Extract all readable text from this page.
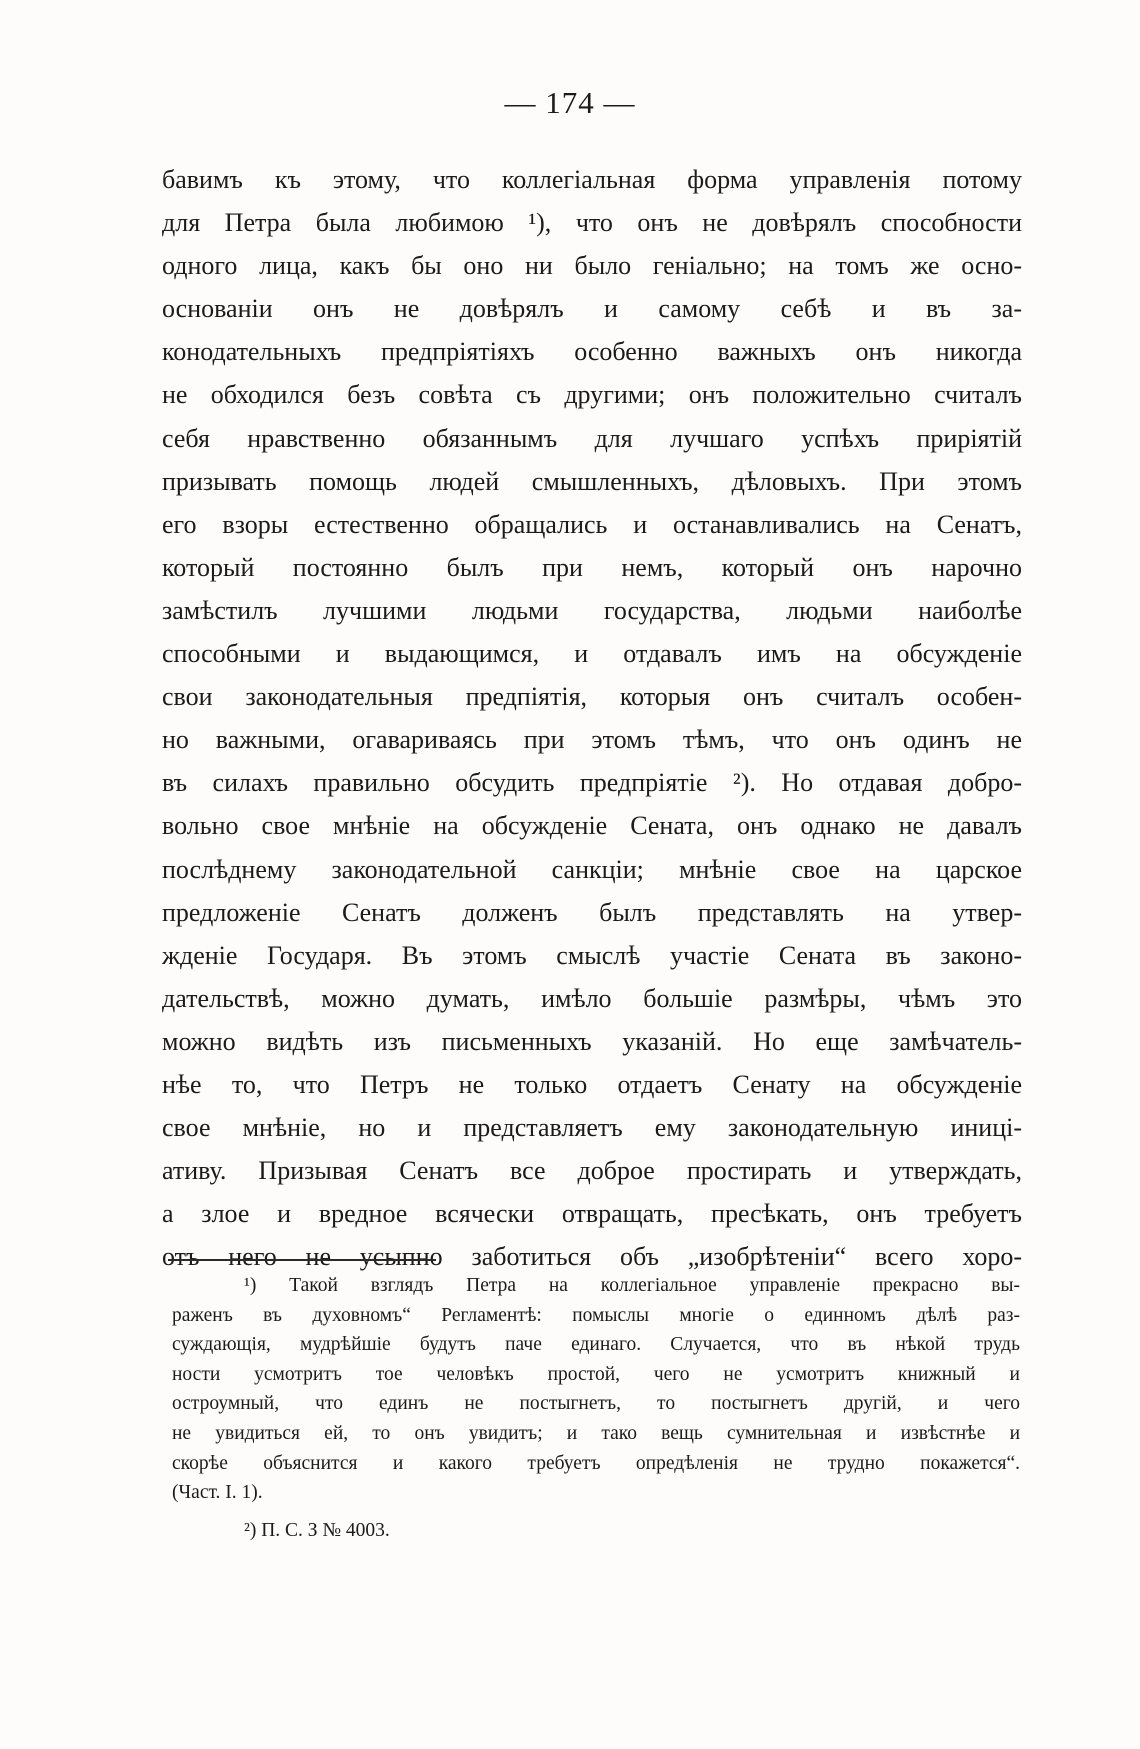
— 174 —
бавимъ къ этому, что коллегіальная форма управленія потому
для Петра была любимою ¹), что онъ не довѣрялъ способности
одного лица, какъ бы оно ни было геніально; на томъ же осно-
основаніи онъ не довѣрялъ и самому себѣ и въ за-
конодательныхъ предпріятіяхъ особенно важныхъ онъ никогда
не обходился безъ совѣта съ другими; онъ положительно считалъ
себя нравственно обязаннымъ для лучшаго успѣхъ приріятій
призывать помощь людей смышленныхъ, дѣловыхъ. При этомъ
его взоры естественно обращались и останавливались на Сенатъ,
который постоянно былъ при немъ, который онъ нарочно
замѣстилъ лучшими людьми государства, людьми наиболѣе
способными и выдающимся, и отдавалъ имъ на обсужденіе
свои законодательныя предпіятія, которыя онъ считалъ особен-
но важными, огавариваясь при этомъ тѣмъ, что онъ одинъ не
въ силахъ правильно обсудить предпріятіе ²). Но отдавая добро-
вольно свое мнѣніе на обсужденіе Сената, онъ однако не давалъ
послѣднему законодательной санкціи; мнѣніе свое на царское
предложеніе Сенатъ долженъ былъ представлять на утвер-
жденіе Государя. Въ этомъ смыслѣ участіе Сената въ законо-
дательствѣ, можно думать, имѣло большіе размѣры, чѣмъ это
можно видѣть изъ письменныхъ указаній. Но еще замѣчатель-
нѣе то, что Петръ не только отдаетъ Сенату на обсужденіе
свое мнѣніе, но и представляетъ ему законодательную иниці-
ативу. Призывая Сенатъ все доброе простирать и утверждать,
а злое и вредное всячески отвращать, пресѣкать, онъ требуетъ
отъ него не усыпно заботиться объ „изобрѣтеніи“ всего хоро-
¹) Такой взглядъ Петра на коллегіальное управленіе прекрасно вы-
раженъ въ духовномъ“ Регламентѣ: помыслы многіе о единномъ дѣлѣ раз-
суждающія, мудрѣйшіе будутъ паче единаго. Случается, что въ нѣкой трудь
ности усмотритъ тое человѣкъ простой, чего не усмотритъ книжный и
остроумный, что единъ не постыгнетъ, то постыгнетъ другій, и чего
не увидиться ей, то онъ увидитъ; и тако вещь сумнительная и извѣстнѣе и
скорѣе объяснится и какого требуетъ опредѣленія не трудно покажется“.
(Част. I. 1).
²) П. С. З № 4003.
